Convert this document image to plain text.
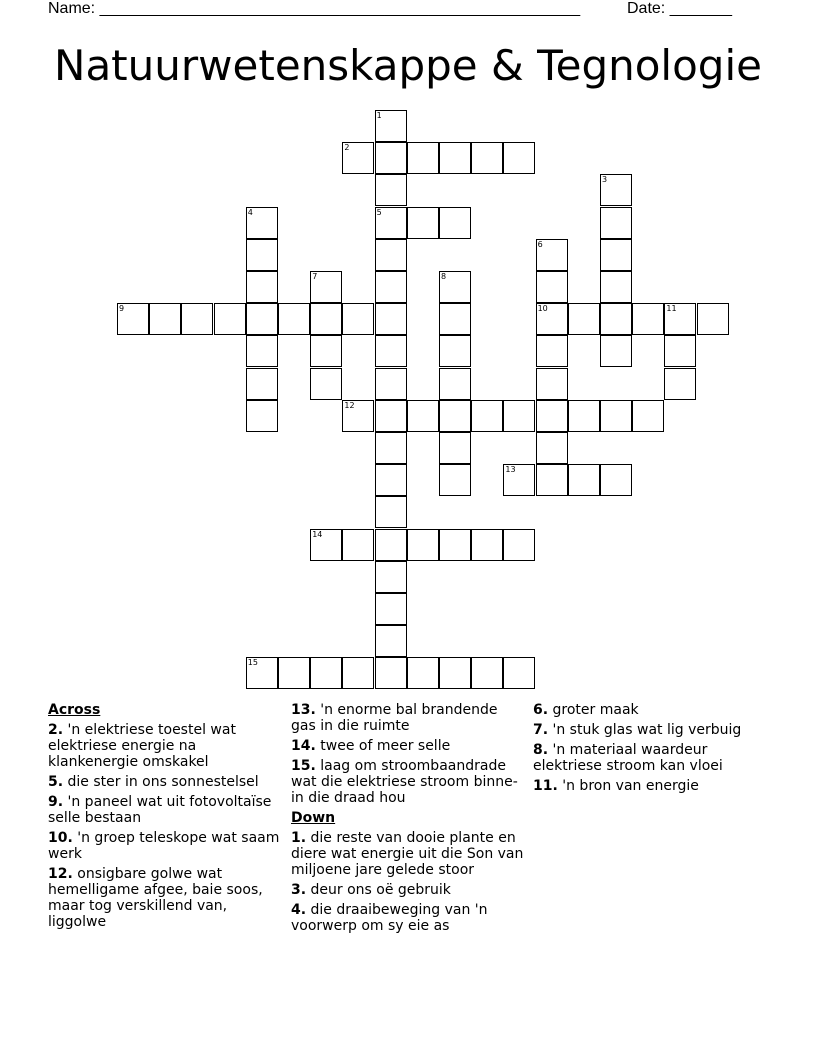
Name: ______________________________________________________	Date: _______
Natuurwetenskappe & Tegnologie
1
2
3
4	5
6
7	8
9	10	11
12
13
14
15
Across
2. 'n elektriese toestel wat elektriese energie na klankenergie omskakel
5. die ster in ons sonnestelsel
9. 'n paneel wat uit fotovoltaïse selle bestaan
10. 'n groep teleskope wat saam werk
12. onsigbare golwe wat hemelligame afgee, baie soos, maar tog verskillend van, liggolwe
13. 'n enorme bal brandende gas in die ruimte
14. twee of meer selle
15. laag om stroombaandrade wat die elektriese stroom binne-in die draad hou
Down
1. die reste van dooie plante en diere wat energie uit die Son van miljoene jare gelede stoor
3. deur ons oë gebruik
4. die draaibeweging van 'n voorwerp om sy eie as
6. groter maak
7. 'n stuk glas wat lig verbuig
8. 'n materiaal waardeur elektriese stroom kan vloei
11. 'n bron van energie
